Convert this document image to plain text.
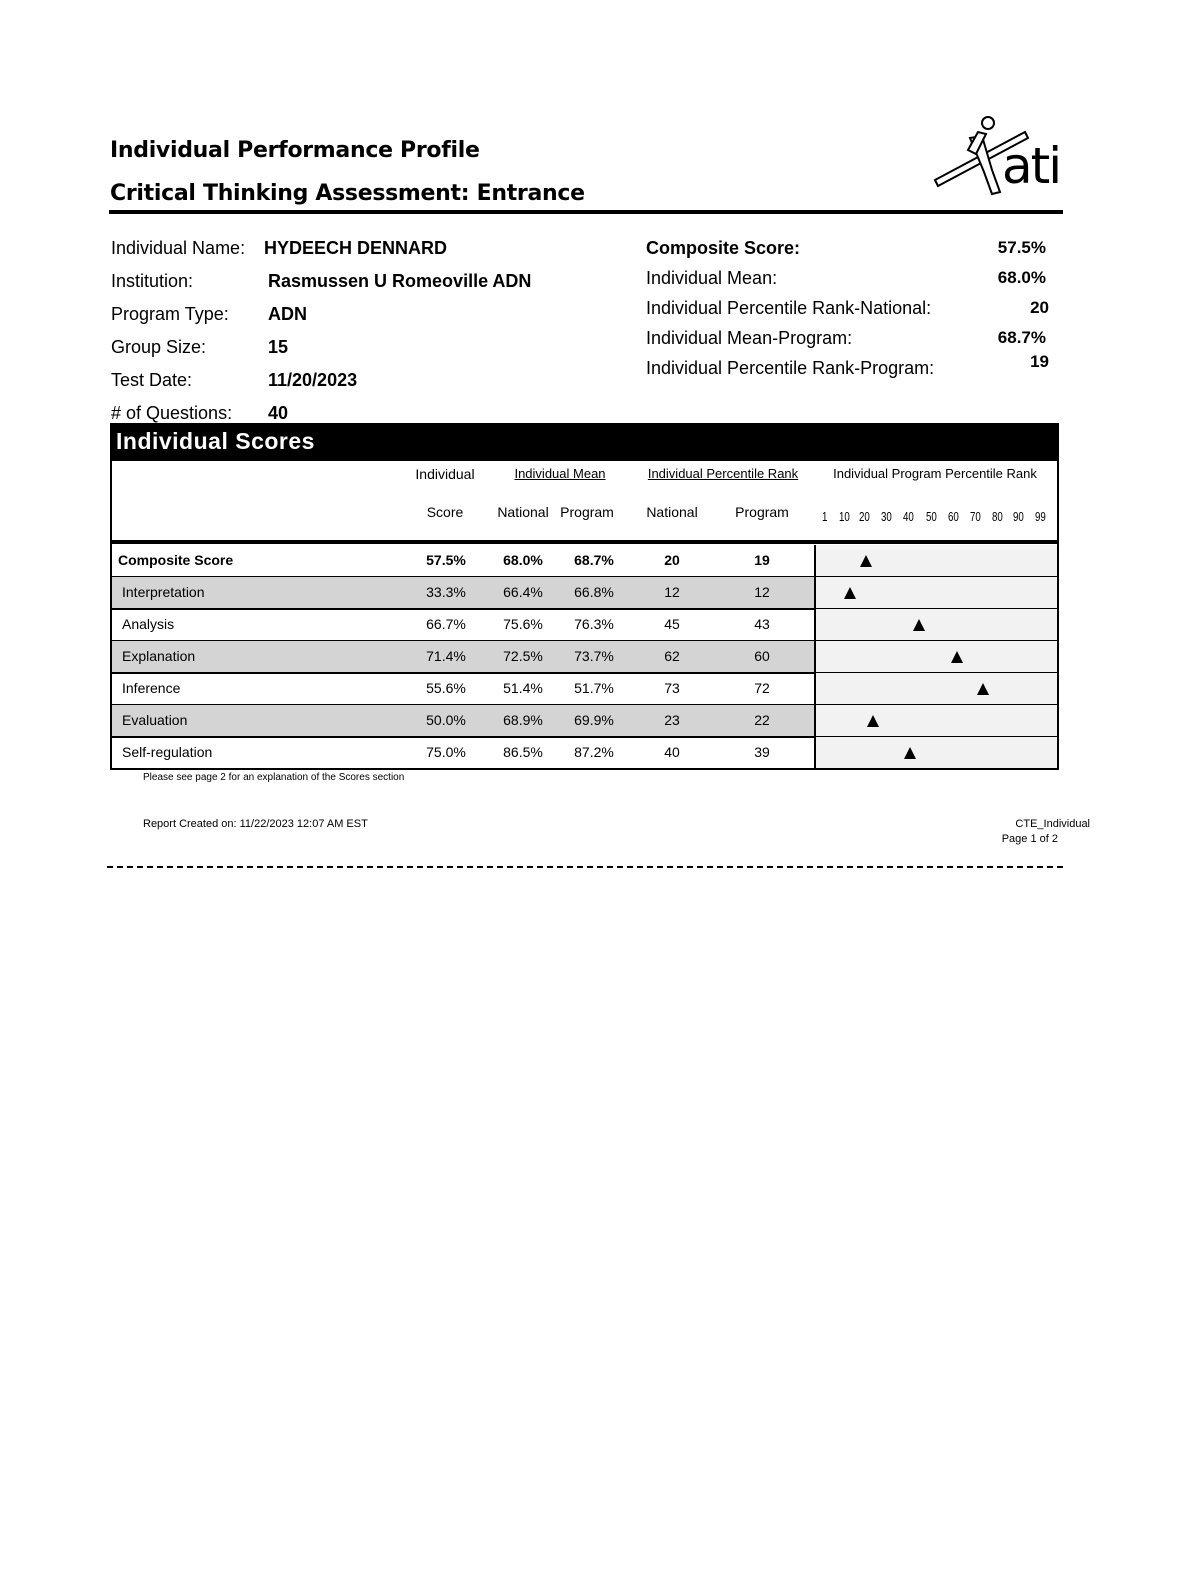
Individual Performance Profile
Critical Thinking Assessment: Entrance	ati
Individual Name: HYDEECH DENNARD
Institution:	Rasmussen U Romeoville ADN
Program Type: ADN
Group Size:	15
Test Date:	11/20/2023
# of Questions: 40
Composite Score:	57.5%
Individual Mean:	68.0%
Individual Percentile Rank-National:	20
Individual Mean-Program:	68.7%
Individual Percentile Rank-Program:	19
Individual Scores
Individual
Score
Individual Mean
National Program
Individual Percentile Rank
National	Program
Individual Program Percentile Rank
1 10 20 30 40 50 60 70 80 90 99
Composite Score	57.5%	68.0%	68.7%	20	19
Interpretation	33.3%	66.4%	66.8%	12	12
Analysis	66.7%	75.6%	76.3%	45	43
Explanation	71.4%	72.5%	73.7%	62	60
Inference	55.6%	51.4%	51.7%	73	72
Evaluation	50.0%	68.9%	69.9%	23	22
Self-regulation	75.0%	86.5%	87.2%	40	39
Please see page 2 for an explanation of the Scores section
Report Created on: 11/22/2023 12:07 AM EST	CTE_Individual
Page 1 of 2
